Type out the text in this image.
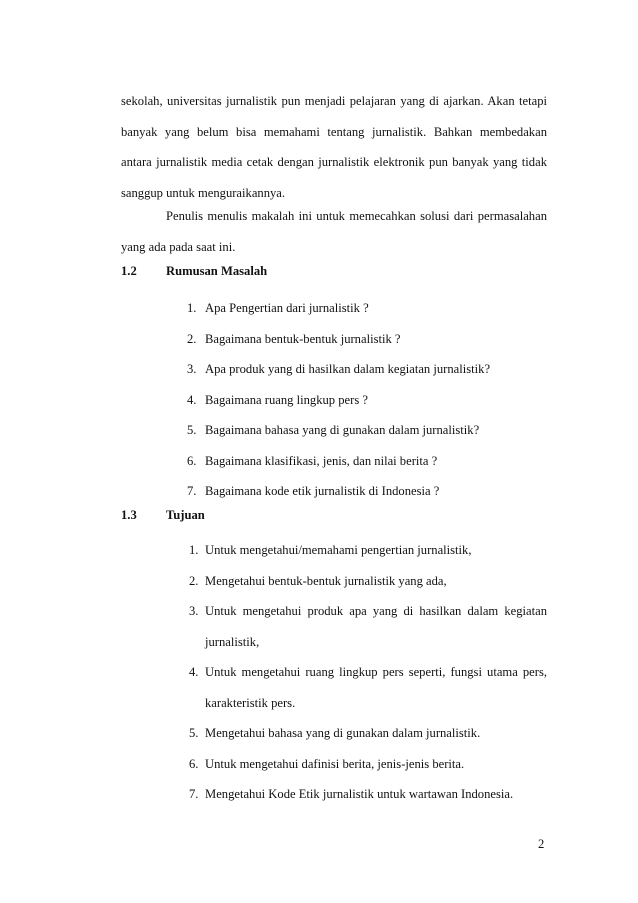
sekolah, universitas jurnalistik pun menjadi pelajaran yang di ajarkan. Akan tetapi
banyak yang belum bisa memahami tentang jurnalistik. Bahkan membedakan
antara jurnalistik media cetak dengan jurnalistik elektronik pun banyak yang tidak
sanggup untuk menguraikannya.
Penulis menulis makalah ini untuk memecahkan solusi dari permasalahan
yang ada pada saat ini.
1.2	Rumusan Masalah
1. Apa Pengertian dari jurnalistik ?
2. Bagaimana bentuk-bentuk jurnalistik ?
3. Apa produk yang di hasilkan dalam kegiatan jurnalistik?
4. Bagaimana ruang lingkup pers ?
5. Bagaimana bahasa yang di gunakan dalam jurnalistik?
6. Bagaimana klasifikasi, jenis, dan nilai berita ?
7. Bagaimana kode etik jurnalistik di Indonesia ?
1.3	Tujuan
1. Untuk mengetahui/memahami pengertian jurnalistik,
2. Mengetahui bentuk-bentuk jurnalistik yang ada,
3. Untuk mengetahui produk apa yang di hasilkan dalam kegiatan
jurnalistik,
4. Untuk mengetahui ruang lingkup pers seperti, fungsi utama pers,
karakteristik pers.
5. Mengetahui bahasa yang di gunakan dalam jurnalistik.
6. Untuk mengetahui dafinisi berita, jenis-jenis berita.
7. Mengetahui Kode Etik jurnalistik untuk wartawan Indonesia.
2
